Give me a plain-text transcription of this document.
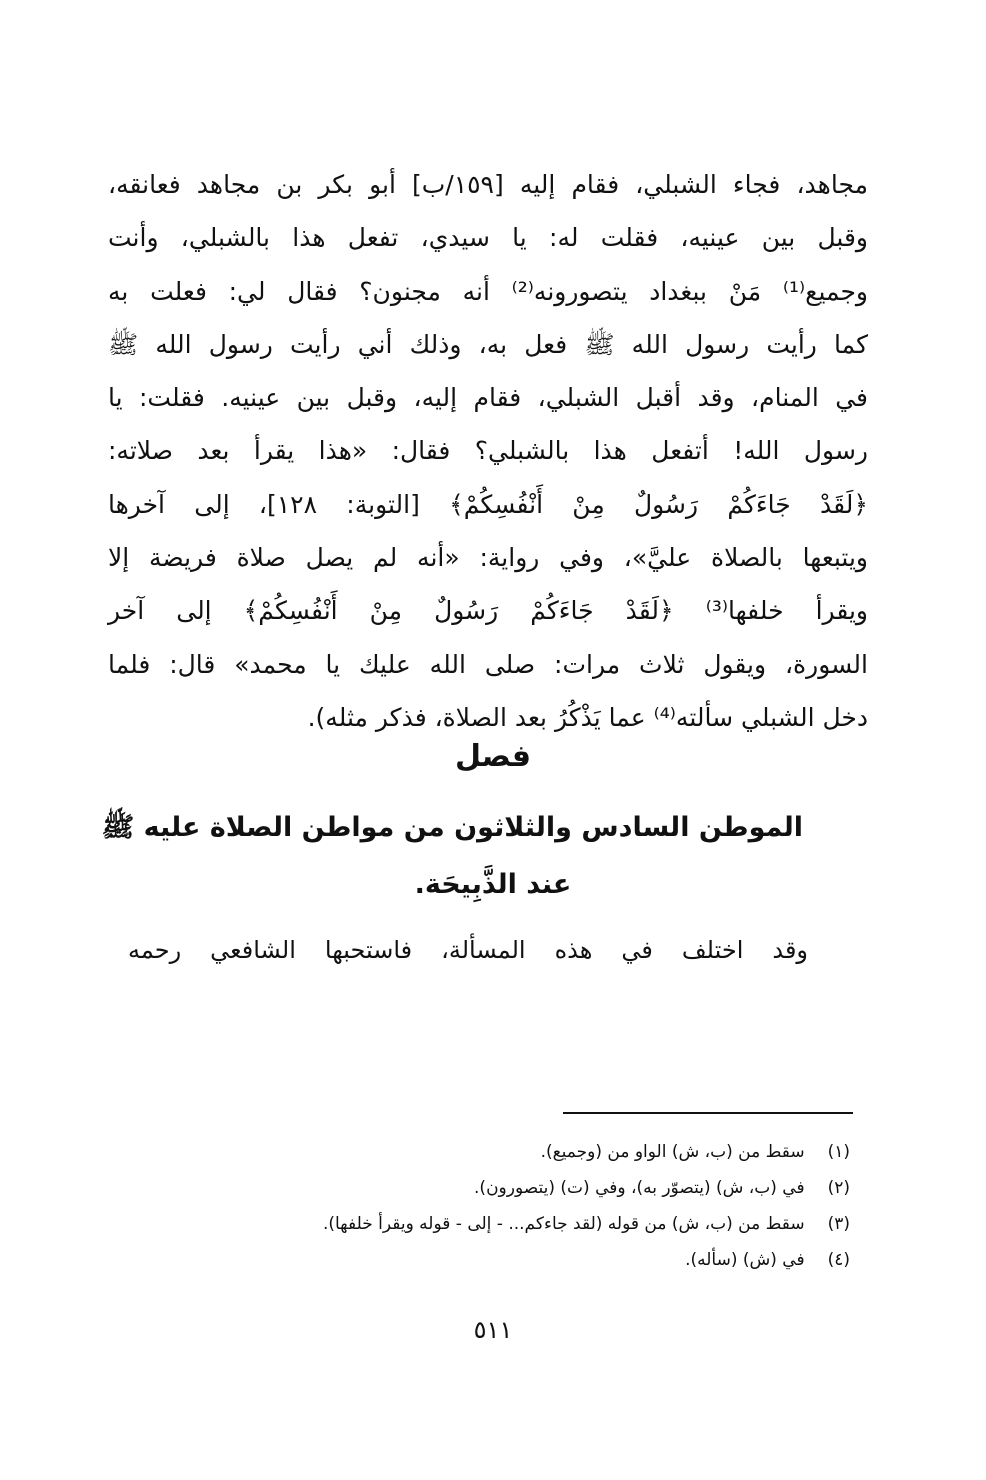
مجاهد، فجاء الشبلي، فقام إليه [١٥٩/ب] أبو بكر بن مجاهد فعانقه،
وقبل بين عينيه، فقلت له: يا سيدي، تفعل هذا بالشبلي، وأنت
وجميع⁽¹⁾ مَنْ ببغداد يتصورونه⁽²⁾ أنه مجنون؟ فقال لي: فعلت به
كما رأيت رسول الله ﷺ فعل به، وذلك أني رأيت رسول الله ﷺ
في المنام، وقد أقبل الشبلي، فقام إليه، وقبل بين عينيه. فقلت: يا
رسول الله! أتفعل هذا بالشبلي؟ فقال: «هذا يقرأ بعد صلاته:
﴿لَقَدْ جَاءَكُمْ رَسُولٌ مِنْ أَنْفُسِكُمْ﴾ [التوبة: ١٢٨]، إلى آخرها
ويتبعها بالصلاة عليَّ»، وفي رواية: «أنه لم يصل صلاة فريضة إلا
ويقرأ خلفها⁽³⁾ ﴿لَقَدْ جَاءَكُمْ رَسُولٌ مِنْ أَنْفُسِكُمْ﴾ إلى آخر
السورة، ويقول ثلاث مرات: صلى الله عليك يا محمد» قال: فلما
دخل الشبلي سألته⁽⁴⁾ عما يَذْكُرُ بعد الصلاة، فذكر مثله).
فصل
الموطن السادس والثلاثون من مواطن الصلاة عليه ﷺ
عند الذَّبِيحَة.
وقد اختلف في هذه المسألة، فاستحبها الشافعي رحمه
(١) سقط من (ب، ش) الواو من (وجميع).
(٢) في (ب، ش) (يتصوّر به)، وفي (ت) (يتصورون).
(٣) سقط من (ب، ش) من قوله (لقد جاءكم... - إلى - قوله ويقرأ خلفها).
(٤) في (ش) (سأله).
٥١١
